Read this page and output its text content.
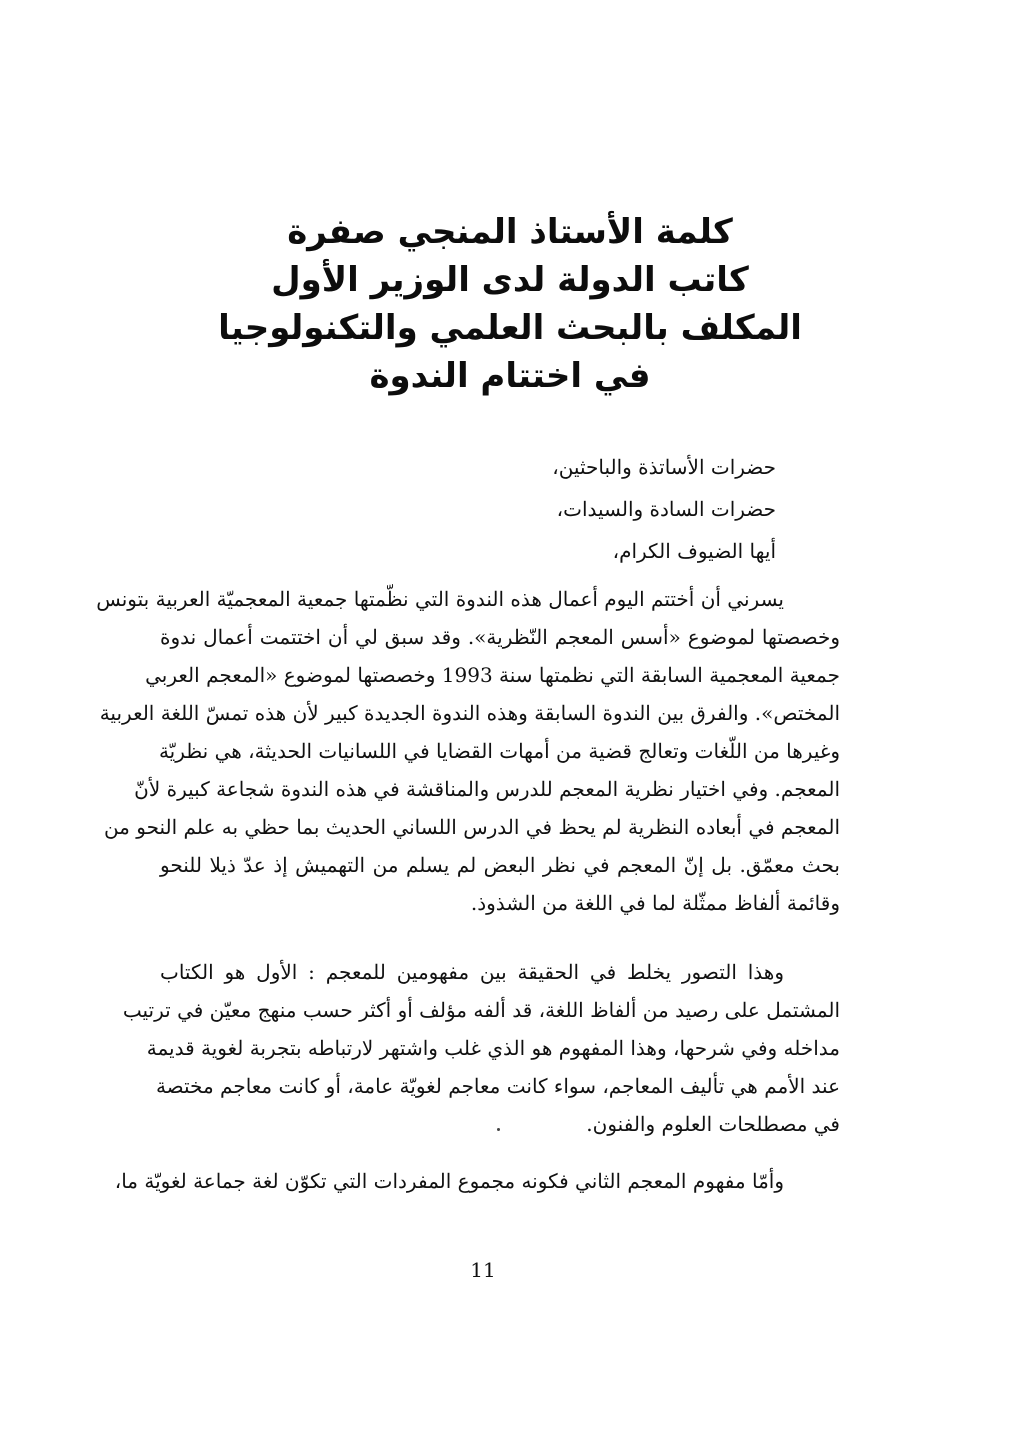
كلمة الأستاذ المنجي صفرة
كاتب الدولة لدى الوزير الأول
المكلف بالبحث العلمي والتكنولوجيا
في اختتام الندوة
حضرات الأساتذة والباحثين،
حضرات السادة والسيدات،
أيها الضيوف الكرام،
يسرني أن أختتم اليوم أعمال هذه الندوة التي نظّمتها جمعية المعجميّة العربية بتونس
وخصصتها لموضوع «أسس المعجم النّظرية». وقد سبق لي أن اختتمت أعمال ندوة
جمعية المعجمية السابقة التي نظمتها سنة 1993 وخصصتها لموضوع «المعجم العربي
المختص». والفرق بين الندوة السابقة وهذه الندوة الجديدة كبير لأن هذه تمسّ اللغة العربية
وغيرها من اللّغات وتعالج قضية من أمهات القضايا في اللسانيات الحديثة، هي نظريّة
المعجم. وفي اختيار نظرية المعجم للدرس والمناقشة في هذه الندوة شجاعة كبيرة لأنّ
المعجم في أبعاده النظرية لم يحظ في الدرس اللساني الحديث بما حظي به علم النحو من
بحث معمّق. بل إنّ المعجم في نظر البعض لم يسلم من التهميش إذ عدّ ذيلا للنحو
وقائمة ألفاظ ممثّلة لما في اللغة من الشذوذ.
وهذا التصور يخلط في الحقيقة بين مفهومين للمعجم : الأول هو الكتاب
المشتمل على رصيد من ألفاظ اللغة، قد ألفه مؤلف أو أكثر حسب منهج معيّن في ترتيب
مداخله وفي شرحها، وهذا المفهوم هو الذي غلب واشتهر لارتباطه بتجربة لغوية قديمة
عند الأمم هي تأليف المعاجم، سواء كانت معاجم لغويّة عامة، أو كانت معاجم مختصة
في مصطلحات العلوم والفنون.
وأمّا مفهوم المعجم الثاني فكونه مجموع المفردات التي تكوّن لغة جماعة لغويّة ما،
11
